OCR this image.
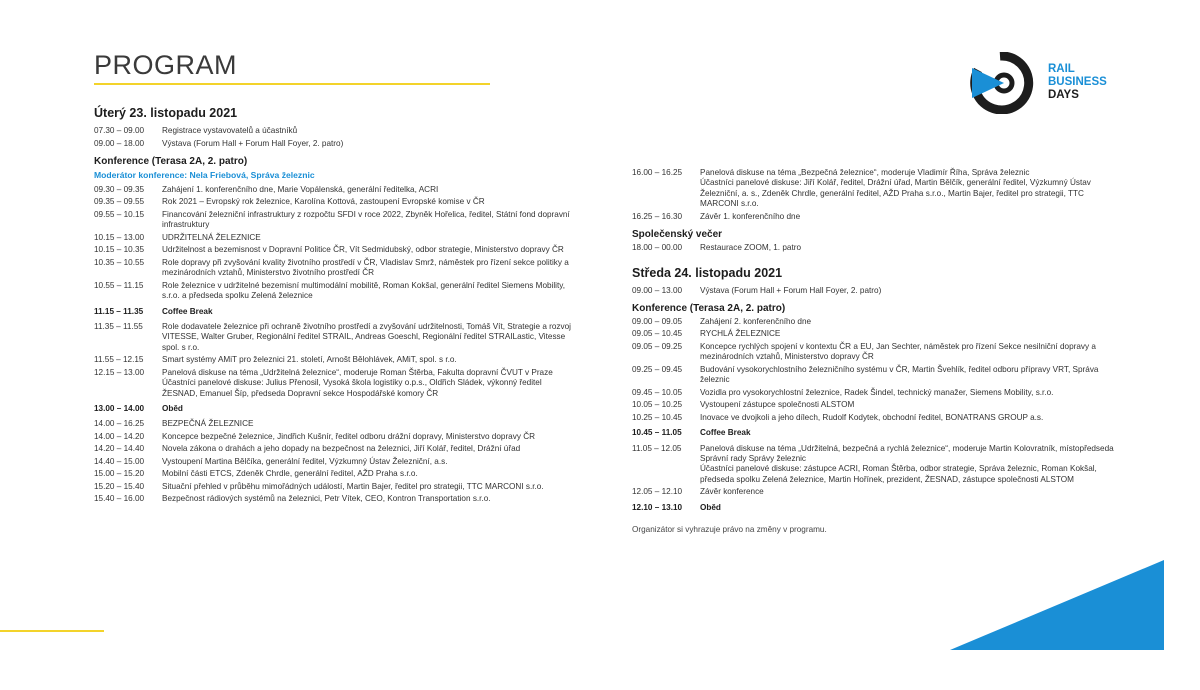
PROGRAM	RAIL
BUSINESS
DAYS
Úterý 23. listopadu 2021
07.30 – 09.00	Registrace vystavovatelů a účastníků
09.00 – 18.00	Výstava (Forum Hall + Forum Hall Foyer, 2. patro)
Konference (Terasa 2A, 2. patro)
Moderátor konference: Nela Friebová, Správa železnic
09.30 – 09.35	Zahájení 1. konferenčního dne, Marie Vopálenská, generální ředitelka, ACRI
09.35 – 09.55	Rok 2021 – Evropský rok železnice, Karolína Kottová, zastoupení Evropské komise v ČR
09.55 – 10.15	Financování železniční infrastruktury z rozpočtu SFDI v roce 2022, Zbyněk Hořelica, ředitel, Státní fond dopravní infrastruktury
10.15 – 13.00	UDRŽITELNÁ ŽELEZNICE
10.15 – 10.35	Udržitelnost a bezemisnost v Dopravní Politice ČR, Vít Sedmidubský, odbor strategie, Ministerstvo dopravy ČR
10.35 – 10.55	Role dopravy při zvyšování kvality životního prostředí v ČR, Vladislav Smrž, náměstek pro řízení sekce politiky a mezinárodních vztahů, Ministerstvo životního prostředí ČR
10.55 – 11.15	Role železnice v udržitelné bezemisní multimodální mobilitě, Roman Kokšal, generální ředitel Siemens Mobility, s.r.o. a předseda spolku Zelená železnice
11.15 – 11.35	Coffee Break
11.35 – 11.55	Role dodavatele železnice při ochraně životního prostředí a zvyšování udržitelnosti, Tomáš Vít, Strategie a rozvoj VITESSE, Walter Gruber, Regionální ředitel STRAIL, Andreas Goeschl, Regionální ředitel STRAILastic, Vitesse spol. s r.o.
11.55 – 12.15	Smart systémy AMiT pro železnici 21. století, Arnošt Bělohlávek, AMiT, spol. s r.o.
12.15 – 13.00	Panelová diskuse na téma „Udržitelná železnice“, moderuje Roman Štěrba, Fakulta dopravní ČVUT v Praze
Účastníci panelové diskuse: Julius Přenosil, Vysoká škola logistiky o.p.s., Oldřich Sládek, výkonný ředitel ŽESNAD, Emanuel Šíp, předseda Dopravní sekce Hospodářské komory ČR
13.00 – 14.00	Oběd
14.00 – 16.25	BEZPEČNÁ ŽELEZNICE
14.00 – 14.20	Koncepce bezpečné železnice, Jindřich Kušnír, ředitel odboru drážní dopravy, Ministerstvo dopravy ČR
14.20 – 14.40	Novela zákona o drahách a jeho dopady na bezpečnost na železnici, Jiří Kolář, ředitel, Drážní úřad
14.40 – 15.00	Vystoupení Martina Bělčíka, generální ředitel, Výzkumný Ústav Železniční, a.s.
15.00 – 15.20	Mobilní části ETCS, Zdeněk Chrdle, generální ředitel, AŽD Praha s.r.o.
15.20 – 15.40	Situační přehled v průběhu mimořádných událostí, Martin Bajer, ředitel pro strategii, TTC MARCONI s.r.o.
15.40 – 16.00	Bezpečnost rádiových systémů na železnici, Petr Vítek, CEO, Kontron Transportation s.r.o.
16.00 – 16.25	Panelová diskuse na téma „Bezpečná železnice“, moderuje Vladimír Říha, Správa železnic
Účastníci panelové diskuse: Jiří Kolář, ředitel, Drážní úřad, Martin Bělčík, generální ředitel, Výzkumný Ústav Železniční, a. s., Zdeněk Chrdle, generální ředitel, AŽD Praha s.r.o., Martin Bajer, ředitel pro strategii, TTC MARCONI s.r.o.
16.25 – 16.30	Závěr 1. konferenčního dne
Společenský večer
18.00 – 00.00	Restaurace ZOOM, 1. patro
Středa 24. listopadu 2021
09.00 – 13.00	Výstava (Forum Hall + Forum Hall Foyer, 2. patro)
Konference (Terasa 2A, 2. patro)
09.00 – 09.05	Zahájení 2. konferenčního dne
09.05 – 10.45	RYCHLÁ ŽELEZNICE
09.05 – 09.25	Koncepce rychlých spojení v kontextu ČR a EU, Jan Sechter, náměstek pro řízení Sekce nesilniční dopravy a mezinárodních vztahů, Ministerstvo dopravy ČR
09.25 – 09.45	Budování vysokorychlostního železničního systému v ČR, Martin Švehlík, ředitel odboru přípravy VRT, Správa železnic
09.45 – 10.05	Vozidla pro vysokorychlostní železnice, Radek Šindel, technický manažer, Siemens Mobility, s.r.o.
10.05 – 10.25	Vystoupení zástupce společnosti ALSTOM
10.25 – 10.45	Inovace ve dvojkoli a jeho dílech, Rudolf Kodytek, obchodní ředitel, BONATRANS GROUP a.s.
10.45 – 11.05	Coffee Break
11.05 – 12.05	Panelová diskuse na téma „Udržitelná, bezpečná a rychlá železnice“, moderuje Martin Kolovratník, místopředseda Správní rady Správy železnic
Účastníci panelové diskuse: zástupce ACRI, Roman Štěrba, odbor strategie, Správa železnic, Roman Kokšal, předseda spolku Zelená železnice, Martin Hořínek, prezident, ŽESNAD, zástupce společnosti ALSTOM
12.05 – 12.10	Závěr konference
12.10 – 13.10	Oběd
Organizátor si vyhrazuje právo na změny v programu.
